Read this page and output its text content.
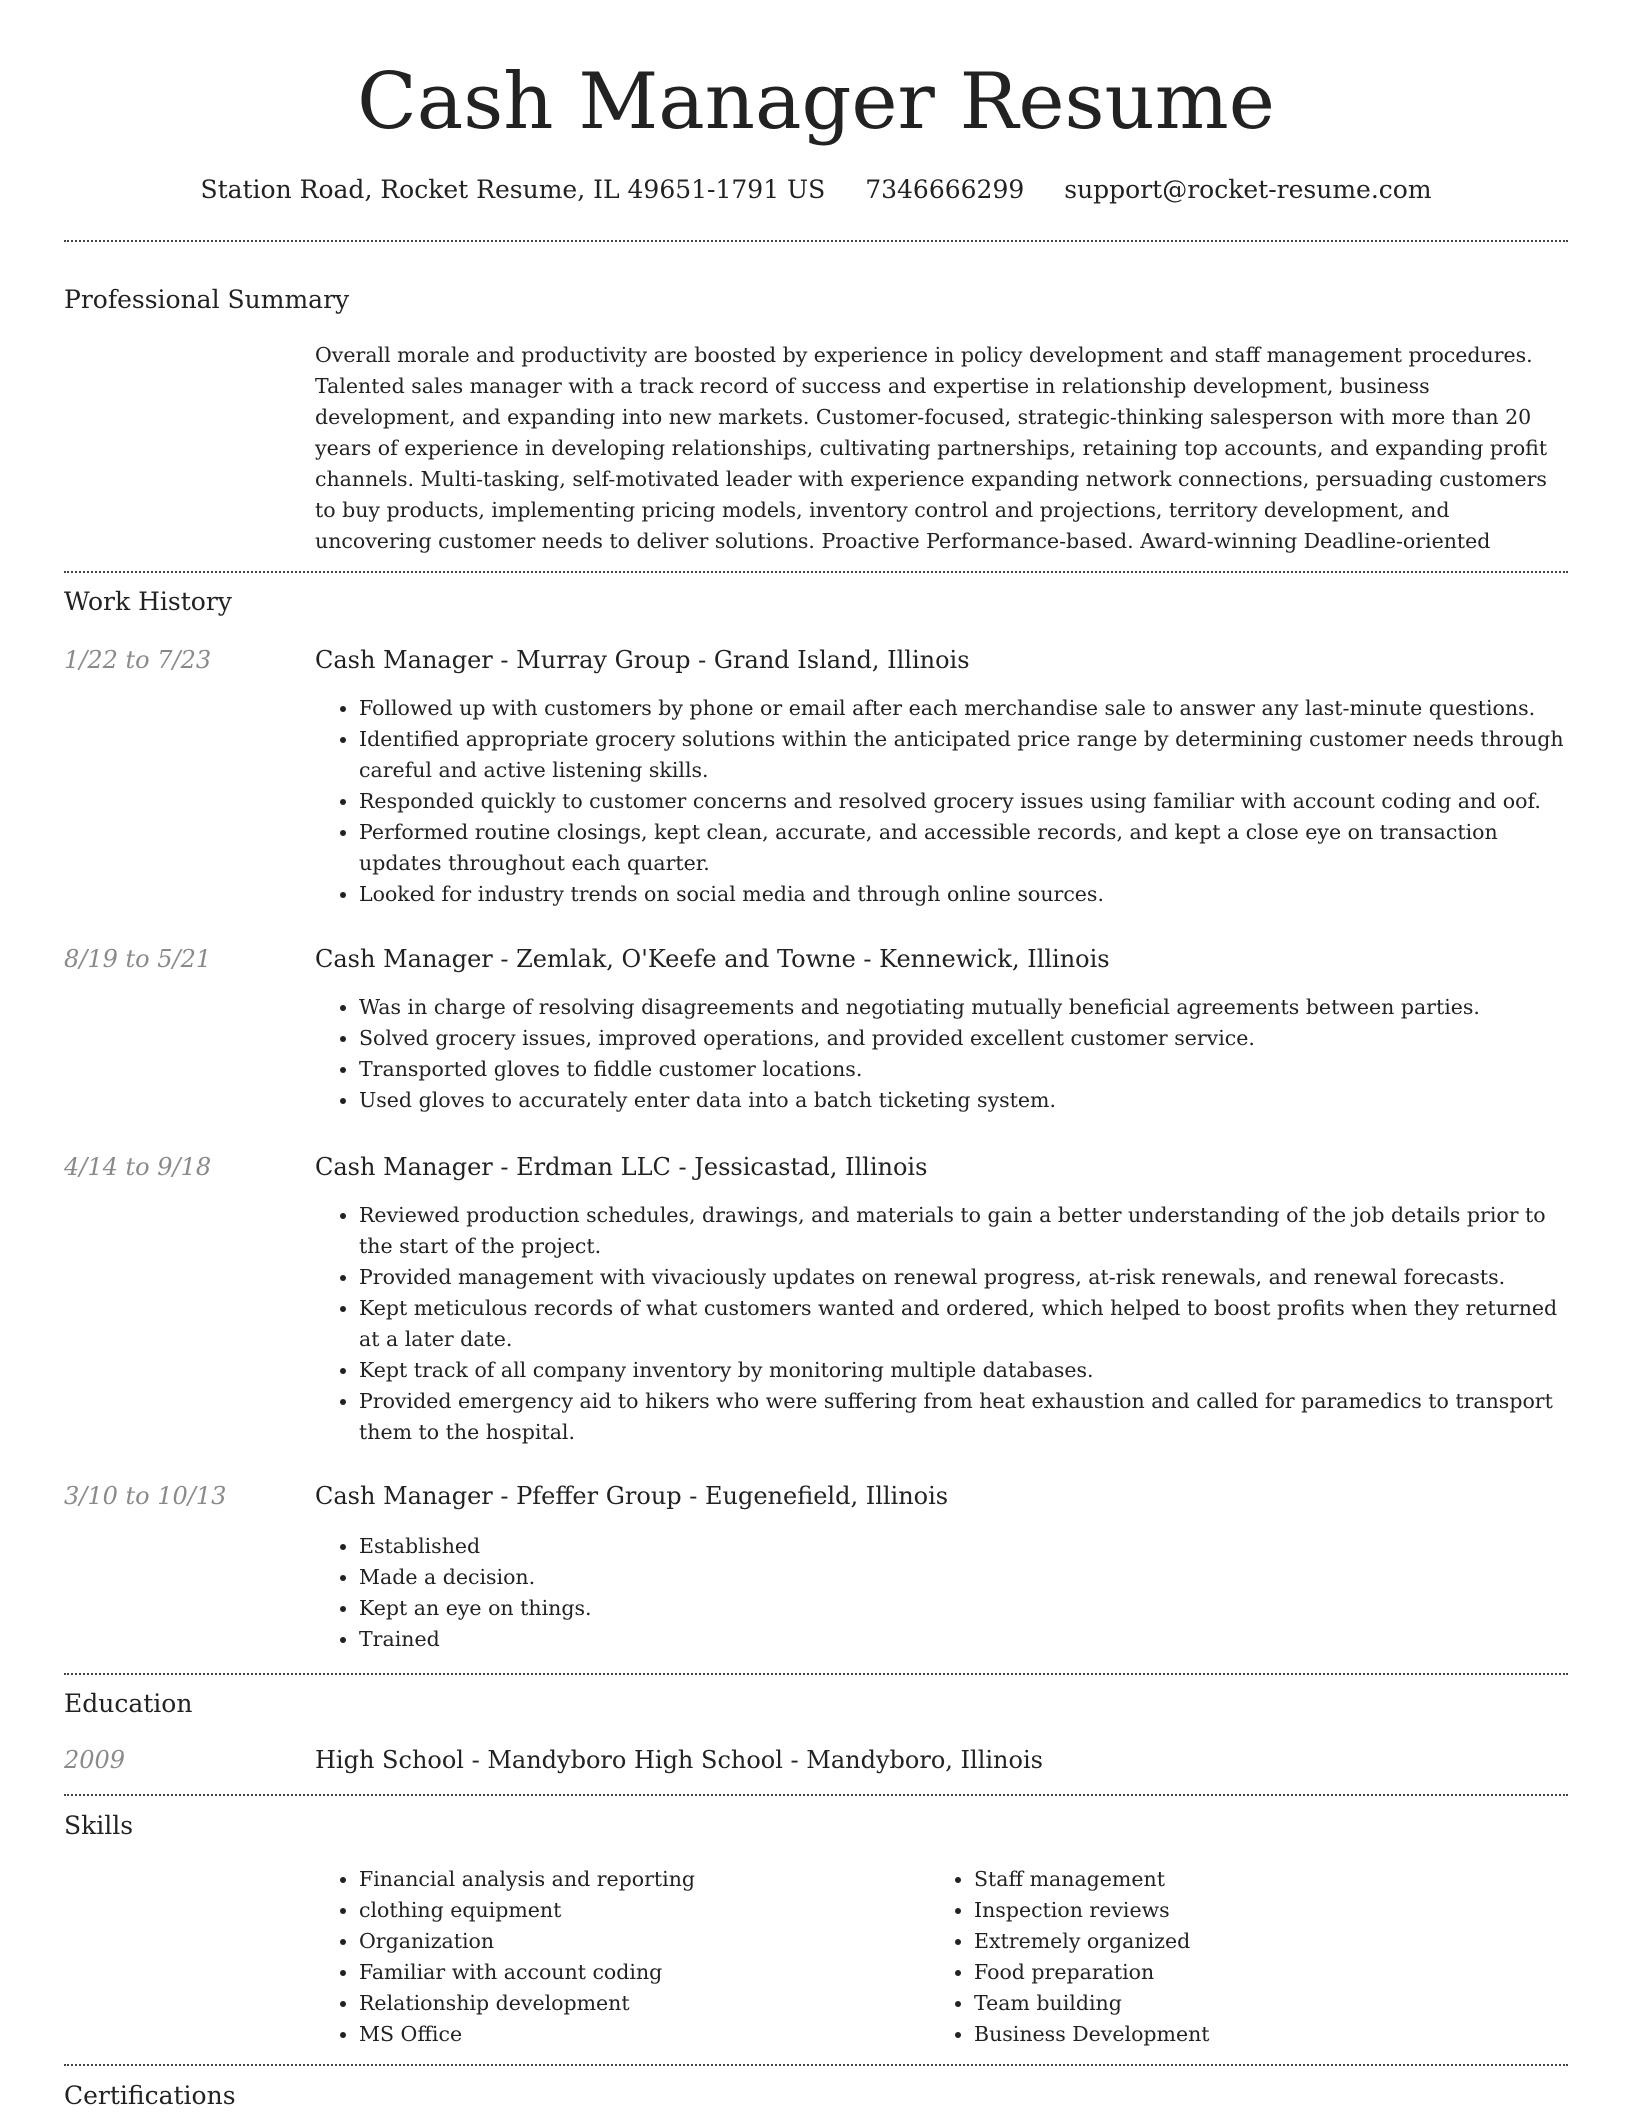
Cash Manager Resume
Station Road, Rocket Resume, IL 49651-1791 US 7346666299 support@rocket-resume.com
Professional Summary

Overall morale and productivity are boosted by experience in policy development and staff management procedures. Talented sales manager with a track record of success and expertise in relationship development, business development, and expanding into new markets. Customer-focused, strategic-thinking salesperson with more than 20 years of experience in developing relationships, cultivating partnerships, retaining top accounts, and expanding profit channels. Multi-tasking, self-motivated leader with experience expanding network connections, persuading customers to buy products, implementing pricing models, inventory control and projections, territory development, and uncovering customer needs to deliver solutions. Proactive Performance-based. Award-winning Deadline-oriented

Work History
1/22 to 7/23	Cash Manager - Murray Group - Grand Island, Illinois
• Followed up with customers by phone or email after each merchandise sale to answer any last-minute questions.
• Identified appropriate grocery solutions within the anticipated price range by determining customer needs through careful and active listening skills.
• Responded quickly to customer concerns and resolved grocery issues using familiar with account coding and oof.
• Performed routine closings, kept clean, accurate, and accessible records, and kept a close eye on transaction updates throughout each quarter.
• Looked for industry trends on social media and through online sources.
8/19 to 5/21	Cash Manager - Zemlak, O'Keefe and Towne - Kennewick, Illinois
• Was in charge of resolving disagreements and negotiating mutually beneficial agreements between parties.
• Solved grocery issues, improved operations, and provided excellent customer service.
• Transported gloves to fiddle customer locations.
• Used gloves to accurately enter data into a batch ticketing system.
4/14 to 9/18	Cash Manager - Erdman LLC - Jessicastad, Illinois
• Reviewed production schedules, drawings, and materials to gain a better understanding of the job details prior to the start of the project.
• Provided management with vivaciously updates on renewal progress, at-risk renewals, and renewal forecasts.
• Kept meticulous records of what customers wanted and ordered, which helped to boost profits when they returned at a later date.
• Kept track of all company inventory by monitoring multiple databases.
• Provided emergency aid to hikers who were suffering from heat exhaustion and called for paramedics to transport them to the hospital.
3/10 to 10/13	Cash Manager - Pfeffer Group - Eugenefield, Illinois
• Established
• Made a decision.
• Kept an eye on things.
• Trained
Education
2009	High School - Mandyboro High School - Mandyboro, Illinois
Skills
• Financial analysis and reporting
• clothing equipment
• Organization
• Familiar with account coding
• Relationship development
• MS Office
• Staff management
• Inspection reviews
• Extremely organized
• Food preparation
• Team building
• Business Development
Certifications
